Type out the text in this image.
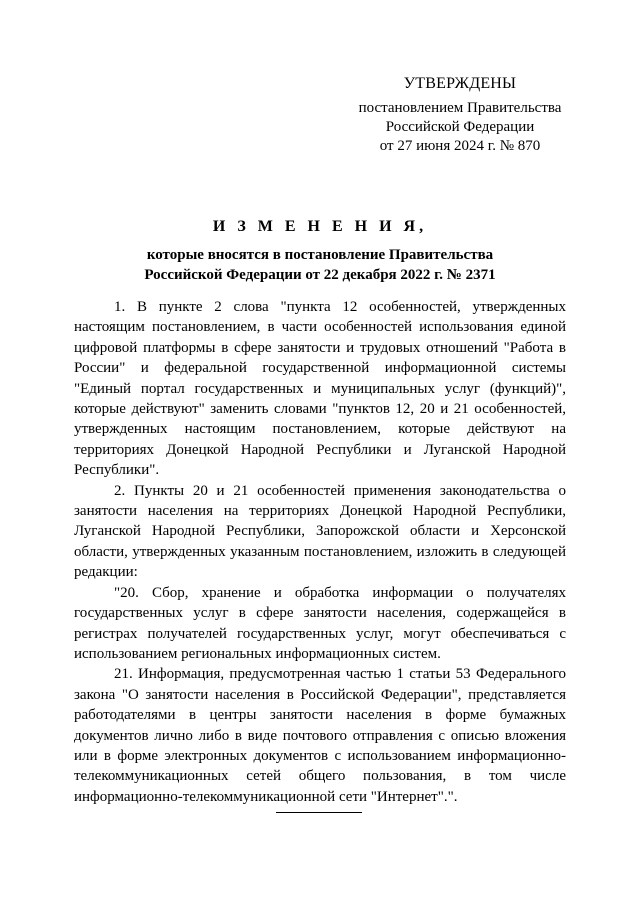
УТВЕРЖДЕНЫ
постановлением Правительства
Российской Федерации
от 27 июня 2024 г. № 870
И З М Е Н Е Н И Я,
которые вносятся в постановление Правительства
Российской Федерации от 22 декабря 2022 г. № 2371

1. В пункте 2 слова "пункта 12 особенностей, утвержденных настоящим постановлением, в части особенностей использования единой цифровой платформы в сфере занятости и трудовых отношений "Работа в России" и федеральной государственной информационной системы "Единый портал государственных и муниципальных услуг (функций)", которые действуют" заменить словами "пунктов 12, 20 и 21 особенностей, утвержденных настоящим постановлением, которые действуют на территориях Донецкой Народной Республики и Луганской Народной Республики".

2. Пункты 20 и 21 особенностей применения законодательства о занятости населения на территориях Донецкой Народной Республики, Луганской Народной Республики, Запорожской области и Херсонской области, утвержденных указанным постановлением, изложить в следующей редакции:

"20. Сбор, хранение и обработка информации о получателях государственных услуг в сфере занятости населения, содержащейся в регистрах получателей государственных услуг, могут обеспечиваться с использованием региональных информационных систем.

21. Информация, предусмотренная частью 1 статьи 53 Федерального закона "О занятости населения в Российской Федерации", представляется работодателями в центры занятости населения в форме бумажных документов лично либо в виде почтового отправления с описью вложения или в форме электронных документов с использованием информационно-телекоммуникационных сетей общего пользования, в том числе информационно-телекоммуникационной сети "Интернет".".
